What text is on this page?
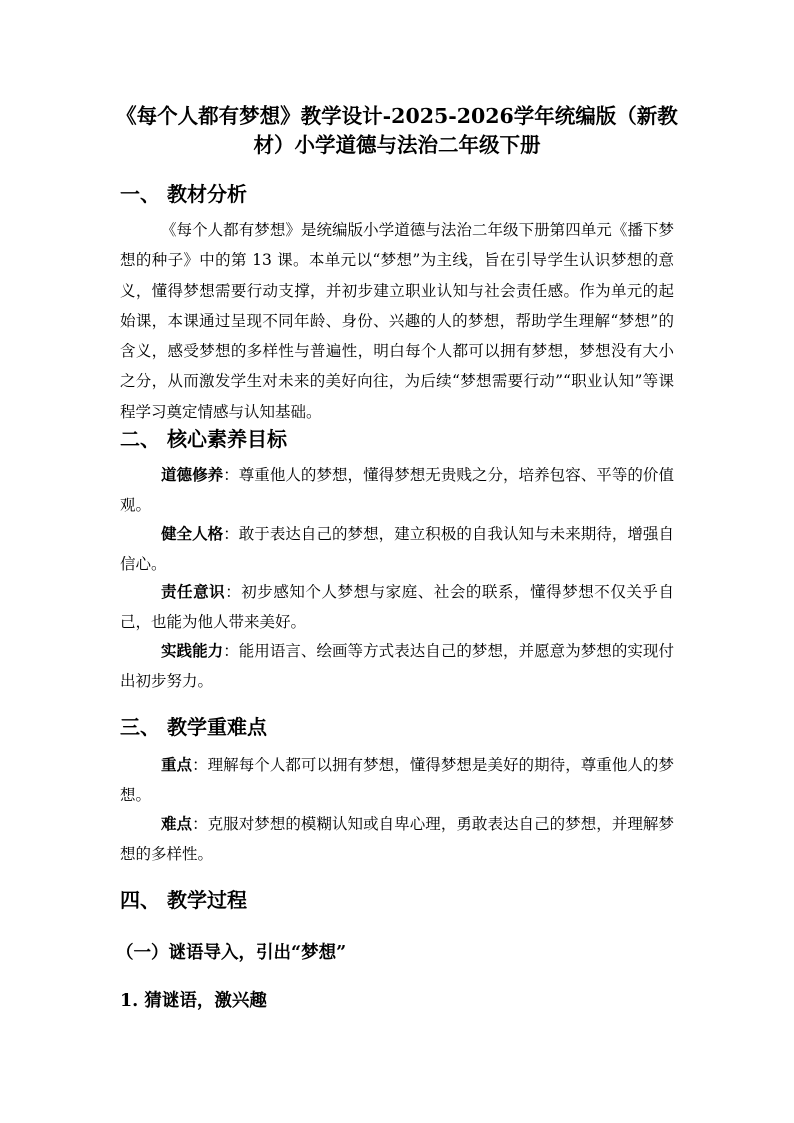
《每个人都有梦想》教学设计-2025-2026学年统编版（新教材）小学道德与法治二年级下册
一、 教材分析

《每个人都有梦想》是统编版小学道德与法治二年级下册第四单元《播下梦想的种子》中的第 13 课。本单元以“梦想”为主线，旨在引导学生认识梦想的意义，懂得梦想需要行动支撑，并初步建立职业认知与社会责任感。作为单元的起始课，本课通过呈现不同年龄、身份、兴趣的人的梦想，帮助学生理解“梦想”的含义，感受梦想的多样性与普遍性，明白每个人都可以拥有梦想，梦想没有大小之分，从而激发学生对未来的美好向往，为后续“梦想需要行动”“职业认知”等课程学习奠定情感与认知基础。

二、 核心素养目标

道德修养：尊重他人的梦想，懂得梦想无贵贱之分，培养包容、平等的价值观。

健全人格：敢于表达自己的梦想，建立积极的自我认知与未来期待，增强自信心。

责任意识：初步感知个人梦想与家庭、社会的联系，懂得梦想不仅关乎自己，也能为他人带来美好。

实践能力：能用语言、绘画等方式表达自己的梦想，并愿意为梦想的实现付出初步努力。

三、 教学重难点

重点：理解每个人都可以拥有梦想，懂得梦想是美好的期待，尊重他人的梦想。

难点：克服对梦想的模糊认知或自卑心理，勇敢表达自己的梦想，并理解梦想的多样性。

四、 教学过程
（一）谜语导入，引出“梦想”
1. 猜谜语，激兴趣
